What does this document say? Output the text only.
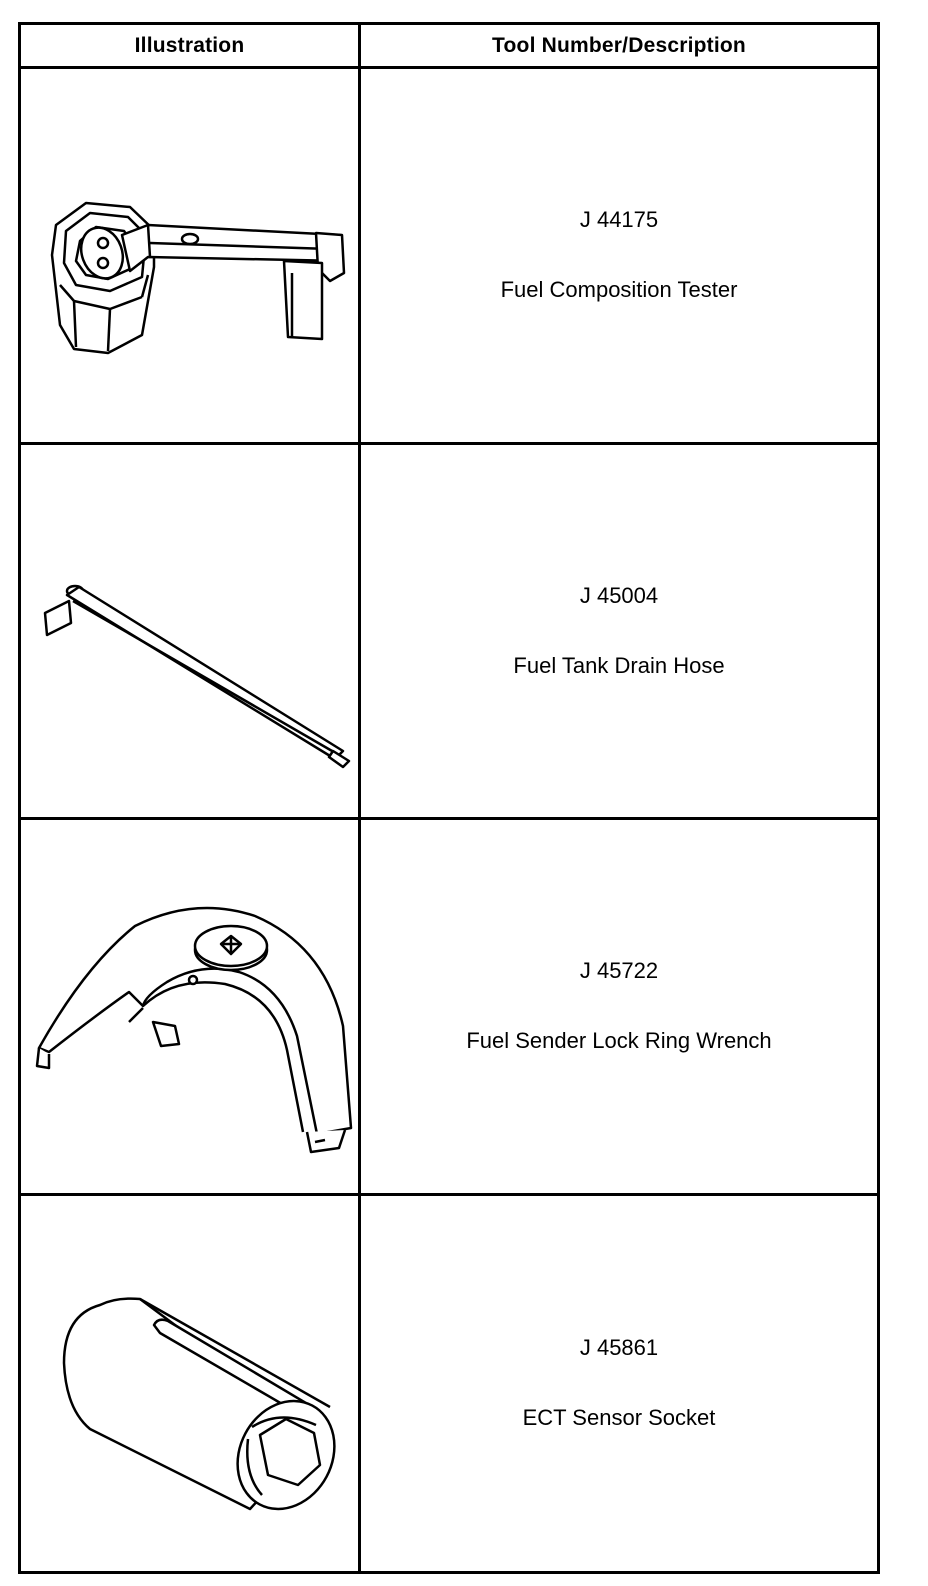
Illustration	Tool Number/Description
J 44175
Fuel Composition Tester
J 45004
Fuel Tank Drain Hose
J 45722
Fuel Sender Lock Ring Wrench
J 45861
ECT Sensor Socket
